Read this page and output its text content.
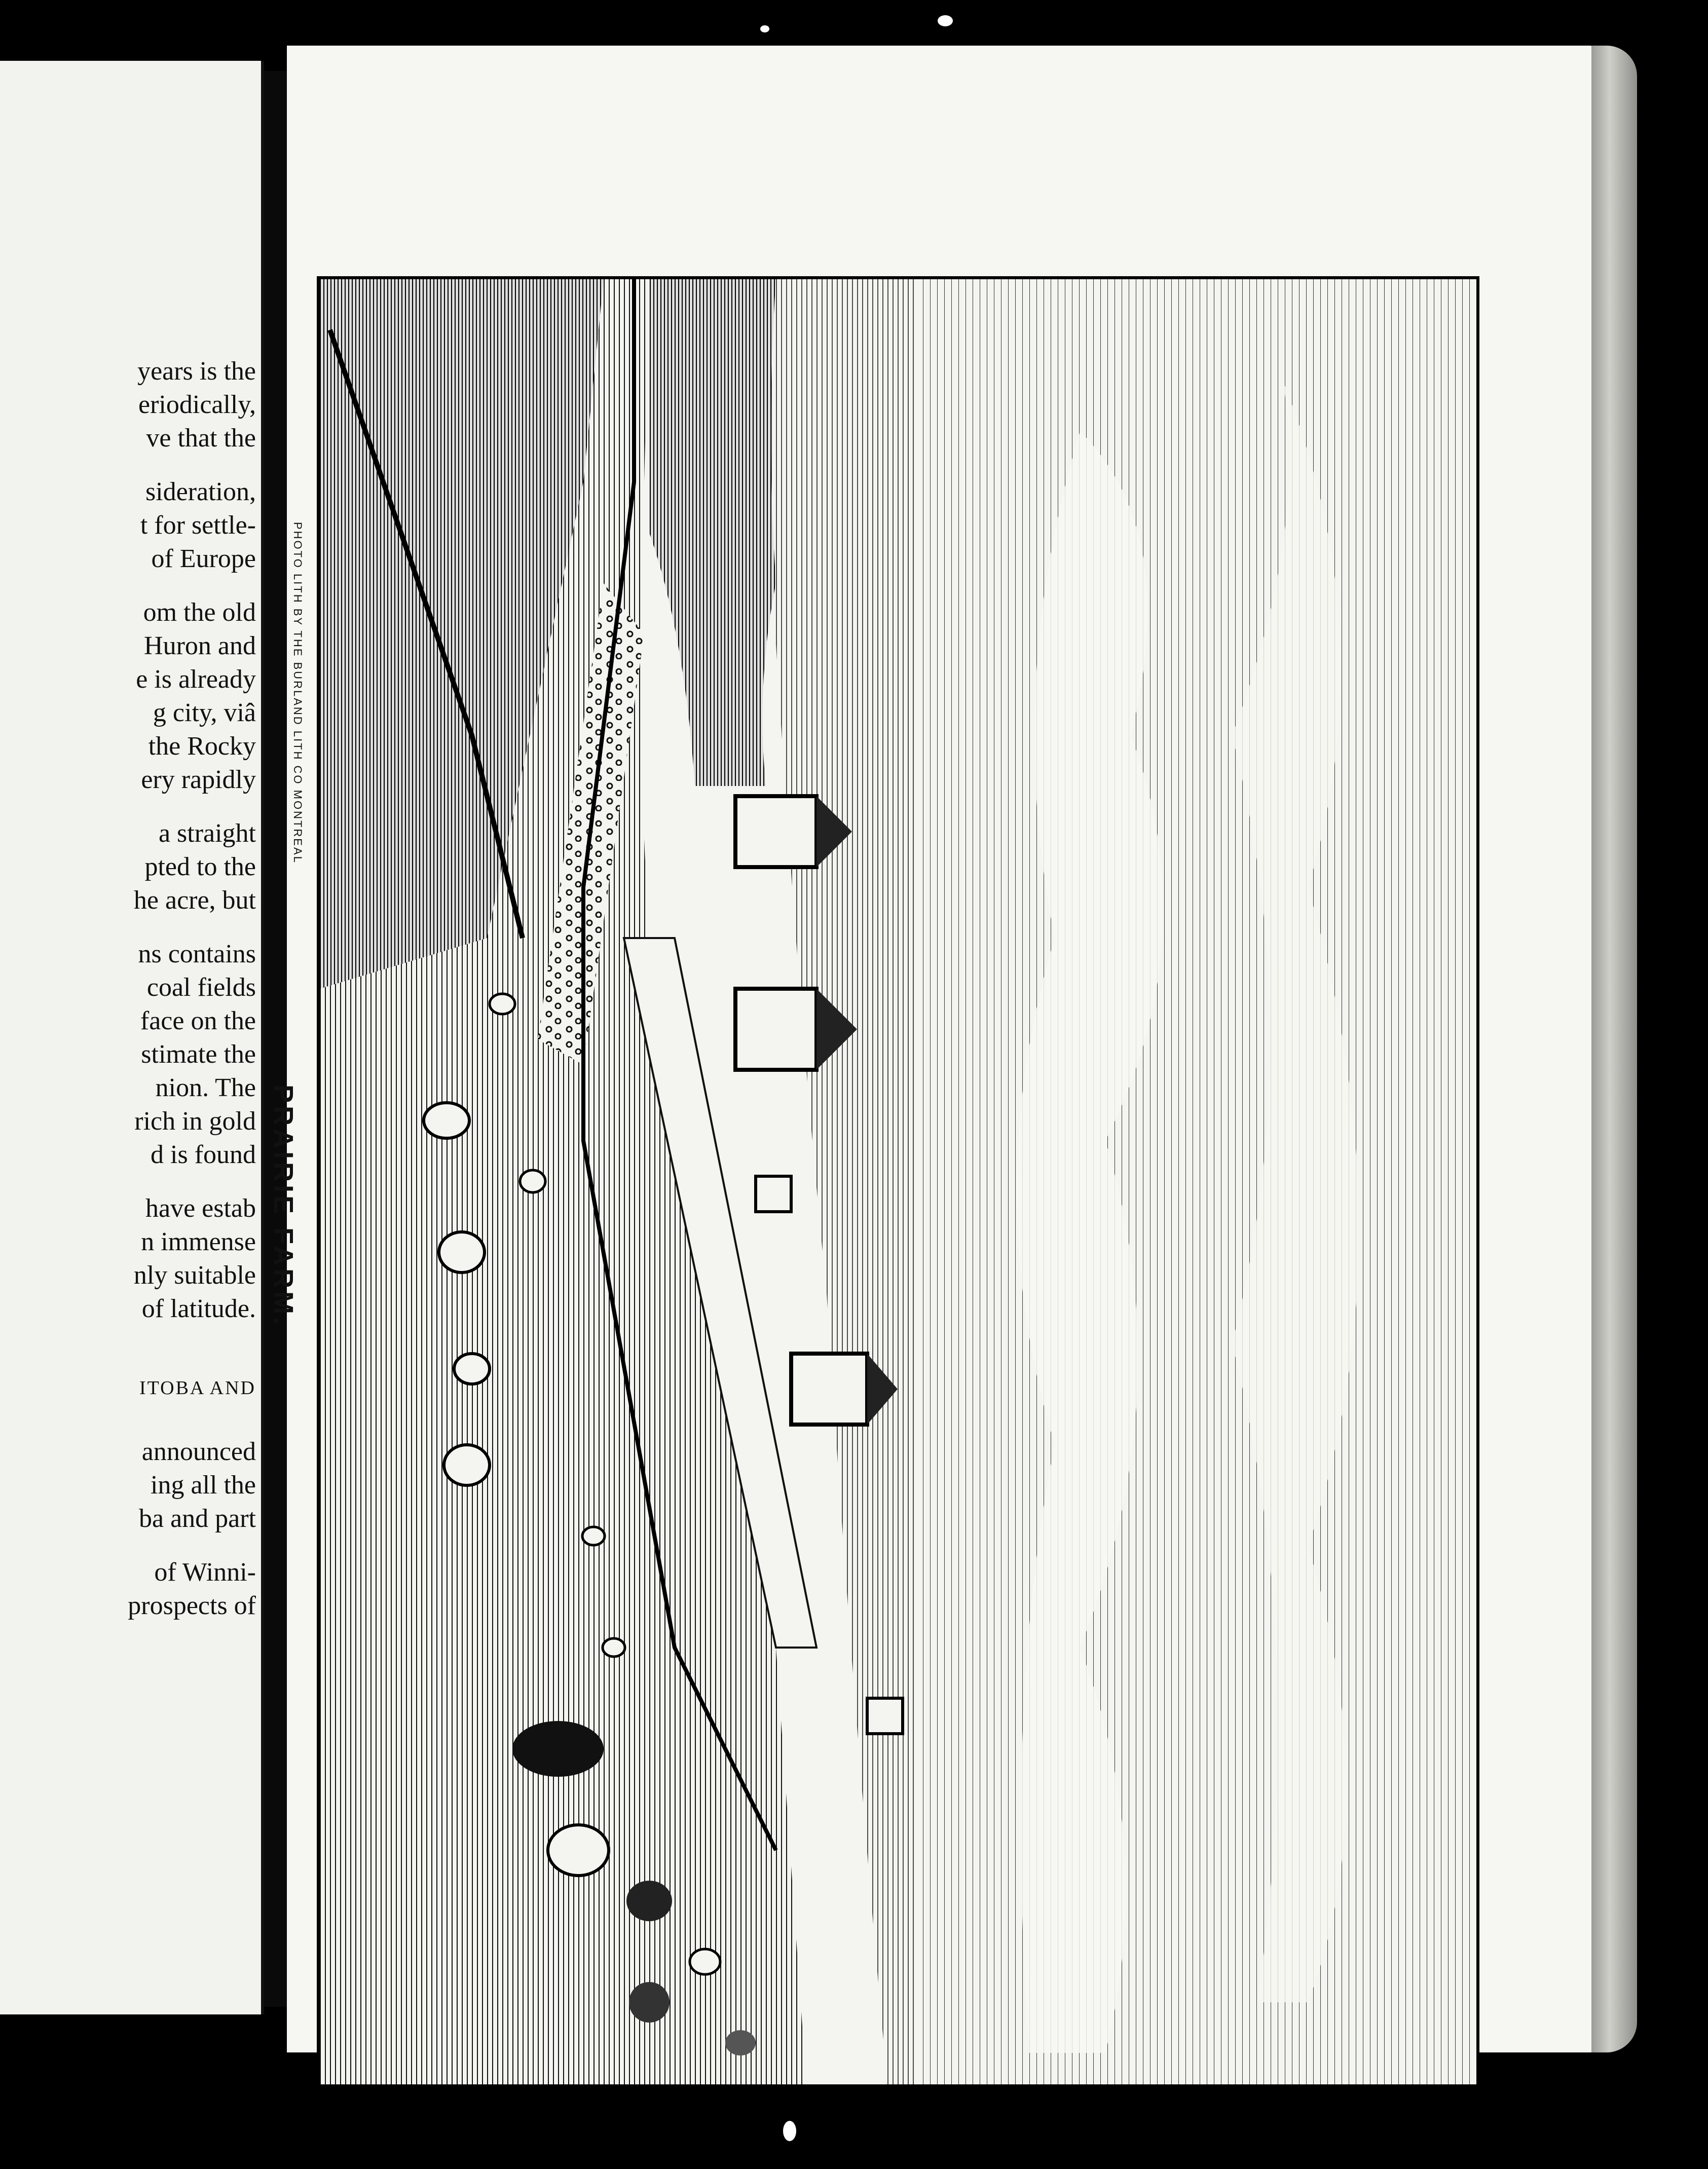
years is the
eriodically,
ve that the
sideration,
t for settle-
of Europe
om the old
Huron and
e is already
g city, viâ
the Rocky
ery rapidly
a straight
pted to the
he acre, but
ns contains
coal fields
face on the
stimate the
nion. The
rich in gold
d is found
have estab
n immense
nly suitable
of latitude.
ITOBA AND
announced
ing all the
ba and part
of Winni-
prospects of
PHOTO LITH BY THE BURLAND LITH CO MONTREAL
PRAIRIE FARM.
